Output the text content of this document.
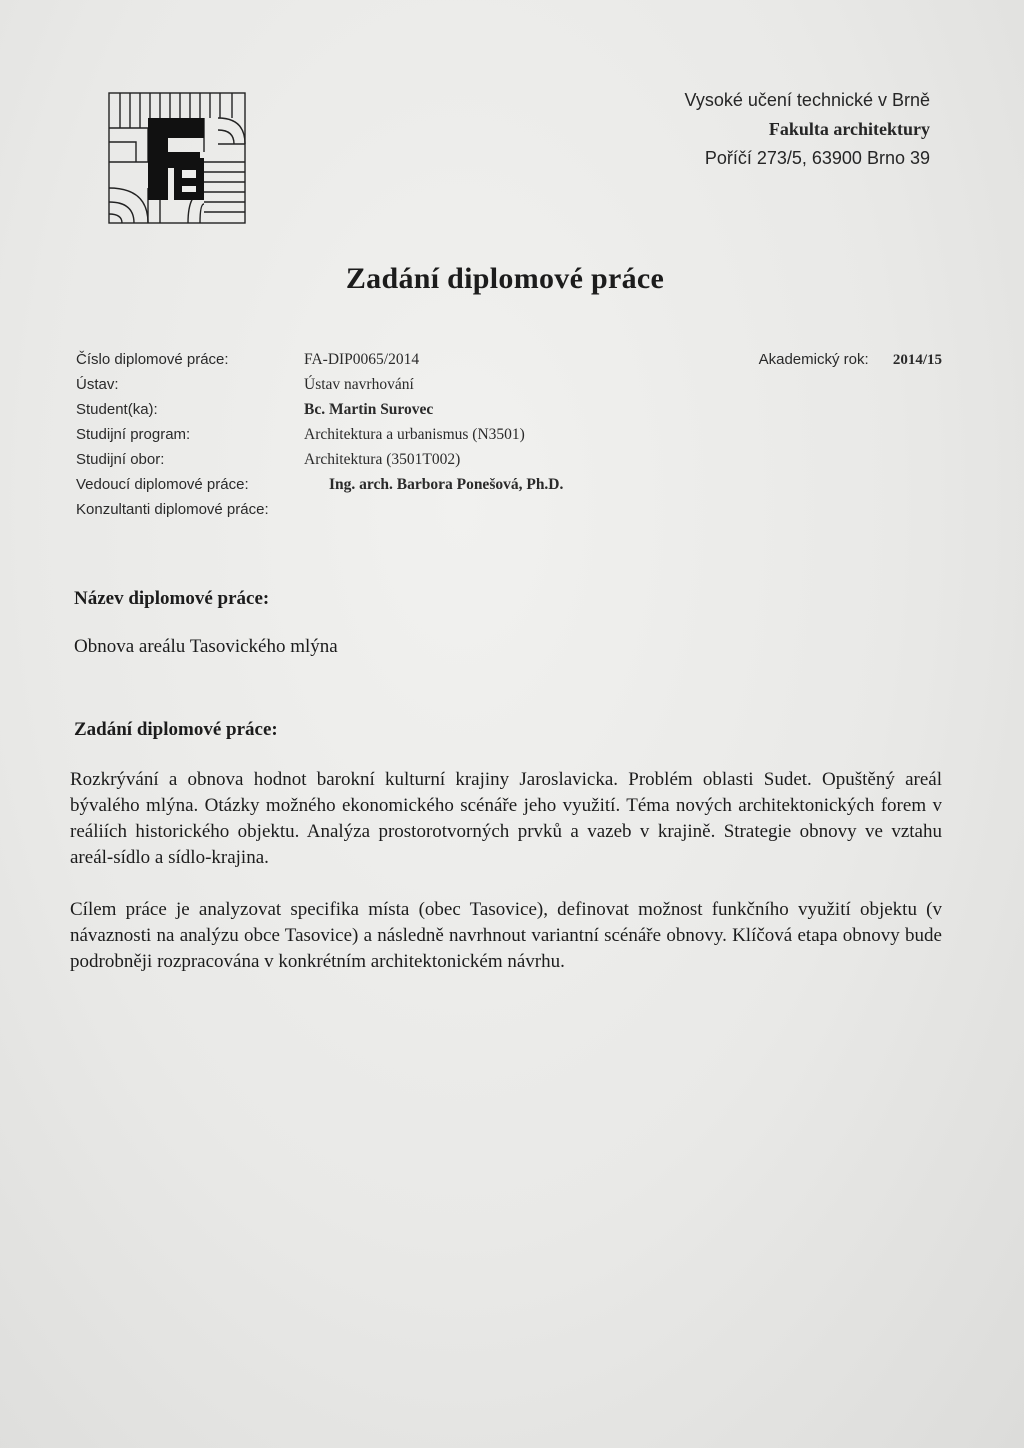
Vysoké učení technické v Brně
Fakulta architektury
Poříčí 273/5, 63900 Brno 39
Zadání diplomové práce
Akademický rok: 2014/15
Číslo diplomové práce:	FA-DIP0065/2014
Ústav:	Ústav navrhování
Student(ka):	Bc. Martin Surovec
Studijní program:	Architektura a urbanismus (N3501)
Studijní obor:	Architektura (3501T002)
Vedoucí diplomové práce:	Ing. arch. Barbora Ponešová, Ph.D.
Konzultanti diplomové práce:
Název diplomové práce:
Obnova areálu Tasovického mlýna
Zadání diplomové práce:

Rozkrývání a obnova hodnot barokní kulturní krajiny Jaroslavicka. Problém oblasti Sudet. Opuštěný areál bývalého mlýna. Otázky možného ekonomického scénáře jeho využití. Téma nových architektonických forem v reáliích historického objektu. Analýza prostorotvorných prvků a vazeb v krajině. Strategie obnovy ve vztahu areál-sídlo a sídlo-krajina.

Cílem práce je analyzovat specifika místa (obec Tasovice), definovat možnost funkčního využití objektu (v návaznosti na analýzu obce Tasovice) a následně navrhnout variantní scénáře obnovy. Klíčová etapa obnovy bude podrobněji rozpracována v konkrétním architektonickém návrhu.
